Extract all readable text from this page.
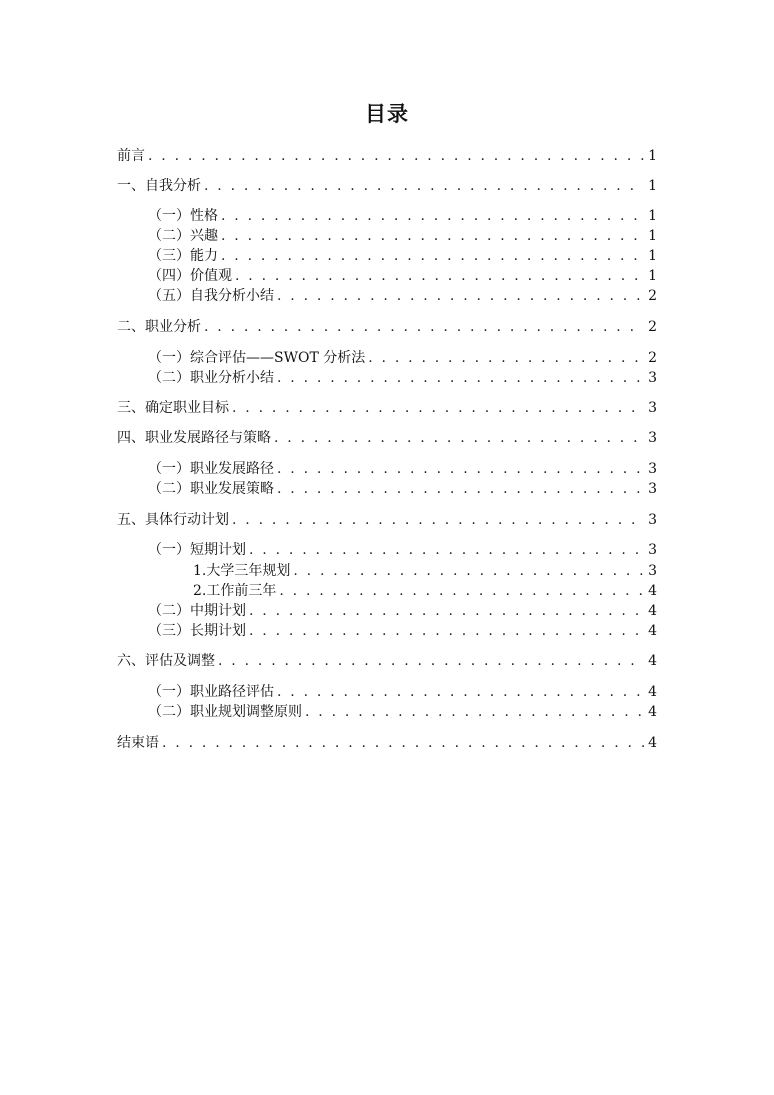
目录
前言 . . .	1
一、自我分析 . . .	1
（一）性格 . . .	1
（二）兴趣 . . .	1
（三）能力 . . .	1
（四）价值观 . . .	1
（五）自我分析小结 . . .	2
二、职业分析 . . .	2
（一）综合评估——SWOT 分析法 . . .	2
（二）职业分析小结 . . .	3
三、确定职业目标 . . .	3
四、职业发展路径与策略 . . .	3
（一）职业发展路径 . . .	3
（二）职业发展策略 . . .	3
五、具体行动计划 . . .	3
（一）短期计划 . . .	3
1.大学三年规划 . . .	3
2.工作前三年 . . .	4
（二）中期计划 . . .	4
（三）长期计划 . . .	4
六、评估及调整 . . .	4
（一）职业路径评估 . . .	4
（二）职业规划调整原则 . . .	4
结束语 . . .	4
